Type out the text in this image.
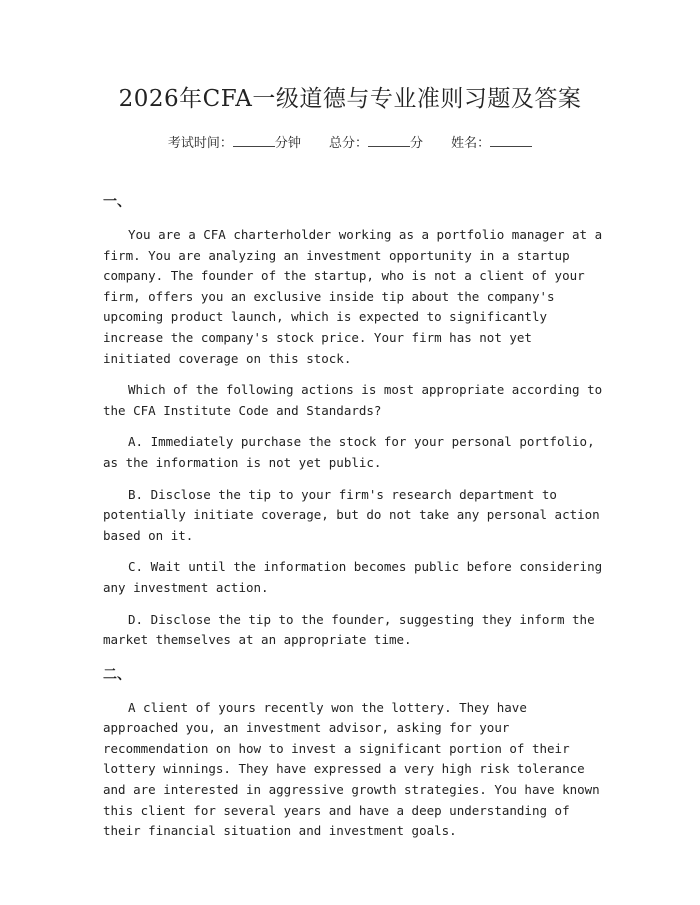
2026年CFA一级道德与专业准则习题及答案
考试时间：	分钟 总分：	分 姓名：
一、

You are a CFA charterholder working as a portfolio manager at a firm. You are analyzing an investment opportunity in a startup company. The founder of the startup, who is not a client of your firm, offers you an exclusive inside tip about the company's upcoming product launch, which is expected to significantly increase the company's stock price. Your firm has not yet initiated coverage on this stock.

Which of the following actions is most appropriate according to the CFA Institute Code and Standards?

A. Immediately purchase the stock for your personal portfolio, as the information is not yet public.

B. Disclose the tip to your firm's research department to potentially initiate coverage, but do not take any personal action based on it.

C. Wait until the information becomes public before considering any investment action.

D. Disclose the tip to the founder, suggesting they inform the market themselves at an appropriate time.

二、

A client of yours recently won the lottery. They have approached you, an investment advisor, asking for your recommendation on how to invest a significant portion of their lottery winnings. They have expressed a very high risk tolerance and are interested in aggressive growth strategies. You have known this client for several years and have a deep understanding of their financial situation and investment goals.
